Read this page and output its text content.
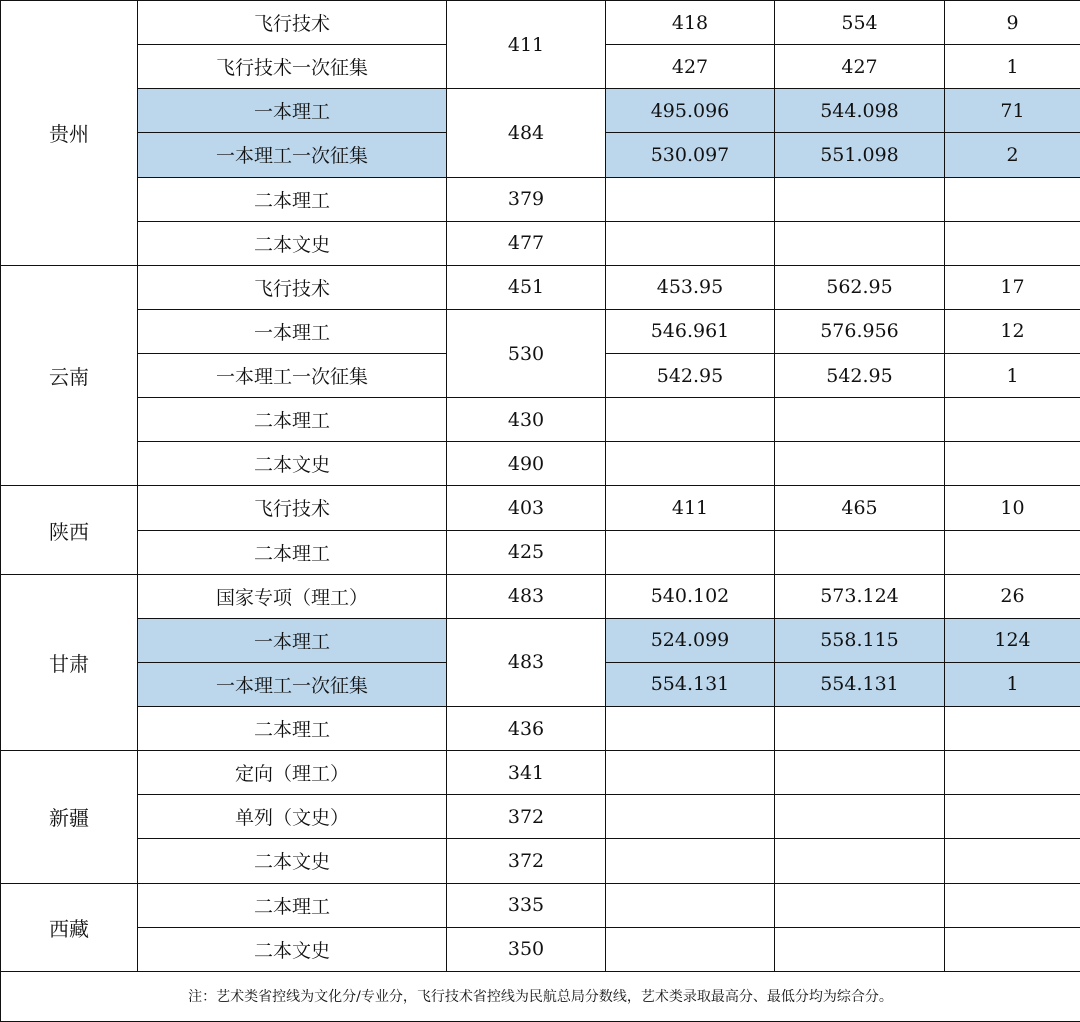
贵州	飞行技术	411	418	554	9
	飞行技术一次征集		427	427	1
	一本理工	484	495.096	544.098	71
	一本理工一次征集		530.097	551.098	2
	二本理工	379			
	二本文史	477			
云南	飞行技术	451	453.95	562.95	17
	一本理工	530	546.961	576.956	12
	一本理工一次征集		542.95	542.95	1
	二本理工	430			
	二本文史	490			
陕西	飞行技术	403	411	465	10
	二本理工	425			
甘肃	国家专项（理工）	483	540.102	573.124	26
	一本理工	483	524.099	558.115	124
	一本理工一次征集		554.131	554.131	1
	二本理工	436			
新疆	定向（理工）	341			
	单列（文史）	372			
	二本文史	372			
西藏	二本理工	335			
	二本文史	350			
注：艺术类省控线为文化分/专业分，飞行技术省控线为民航总局分数线，艺术类录取最高分、最低分均为综合分。					
